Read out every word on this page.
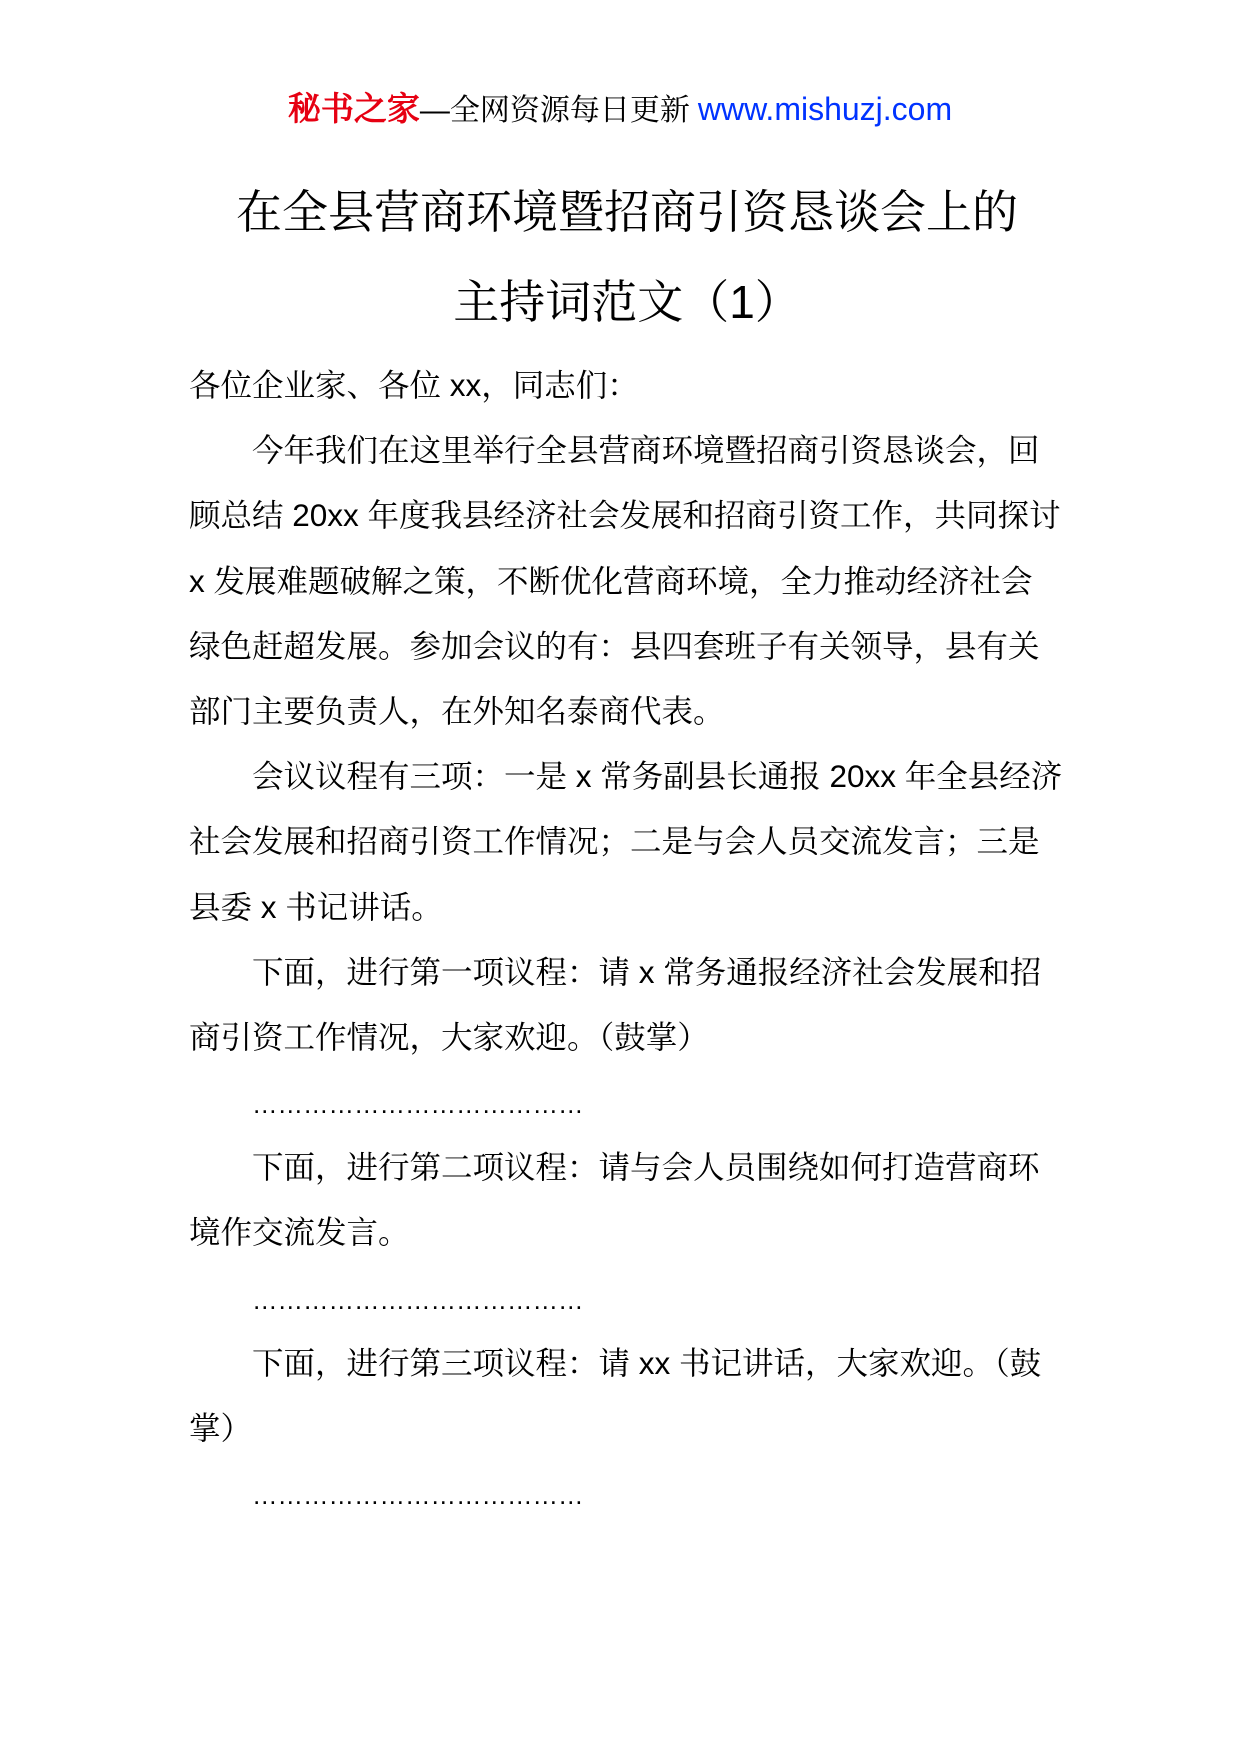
秘书之家—全网资源每日更新 www.mishuzj.com
在全县营商环境暨招商引资恳谈会上的
主持词范文（1）
各位企业家、各位 xx，同志们：
今年我们在这里举行全县营商环境暨招商引资恳谈会，回
顾总结 20xx 年度我县经济社会发展和招商引资工作，共同探讨
x 发展难题破解之策，不断优化营商环境，全力推动经济社会
绿色赶超发展。参加会议的有：县四套班子有关领导，县有关
部门主要负责人，在外知名泰商代表。
会议议程有三项：一是 x 常务副县长通报 20xx 年全县经济
社会发展和招商引资工作情况；二是与会人员交流发言；三是
县委 x 书记讲话。
下面，进行第一项议程：请 x 常务通报经济社会发展和招
商引资工作情况，大家欢迎。（鼓掌）
…………………………………
下面，进行第二项议程：请与会人员围绕如何打造营商环
境作交流发言。
…………………………………
下面，进行第三项议程：请 xx 书记讲话，大家欢迎。（鼓
掌）
…………………………………
